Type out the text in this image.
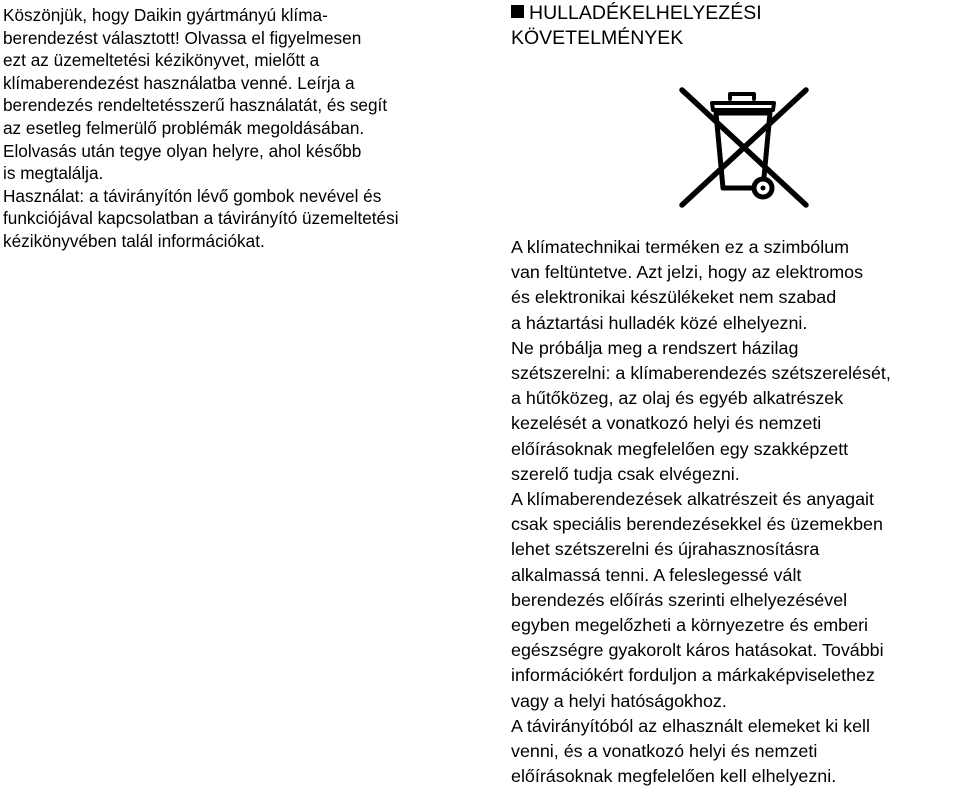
Köszönjük, hogy Daikin gyártmányú klíma-
berendezést választott! Olvassa el figyelmesen
ezt az üzemeltetési kézikönyvet, mielőtt a
klímaberendezést használatba venné. Leírja a
berendezés rendeltetésszerű használatát, és segít
az esetleg felmerülő problémák megoldásában.
Elolvasás után tegye olyan helyre, ahol később
is megtalálja.
Használat: a távirányítón lévő gombok nevével és
funkciójával kapcsolatban a távirányító üzemeltetési
kézikönyvében talál információkat.
HULLADÉKELHELYEZÉSI
KÖVETELMÉNYEK
A klímatechnikai terméken ez a szimbólum
van feltüntetve. Azt jelzi, hogy az elektromos
és elektronikai készülékeket nem szabad
a háztartási hulladék közé elhelyezni.
Ne próbálja meg a rendszert házilag
szétszerelni: a klímaberendezés szétszerelését,
a hűtőközeg, az olaj és egyéb alkatrészek
kezelését a vonatkozó helyi és nemzeti
előírásoknak megfelelően egy szakképzett
szerelő tudja csak elvégezni.
A klímaberendezések alkatrészeit és anyagait
csak speciális berendezésekkel és üzemekben
lehet szétszerelni és újrahasznosításra
alkalmassá tenni. A feleslegessé vált
berendezés előírás szerinti elhelyezésével
egyben megelőzheti a környezetre és emberi
egészségre gyakorolt káros hatásokat. További
információkért forduljon a márkaképviselethez
vagy a helyi hatóságokhoz.
A távirányítóból az elhasznált elemeket ki kell
venni, és a vonatkozó helyi és nemzeti
előírásoknak megfelelően kell elhelyezni.
